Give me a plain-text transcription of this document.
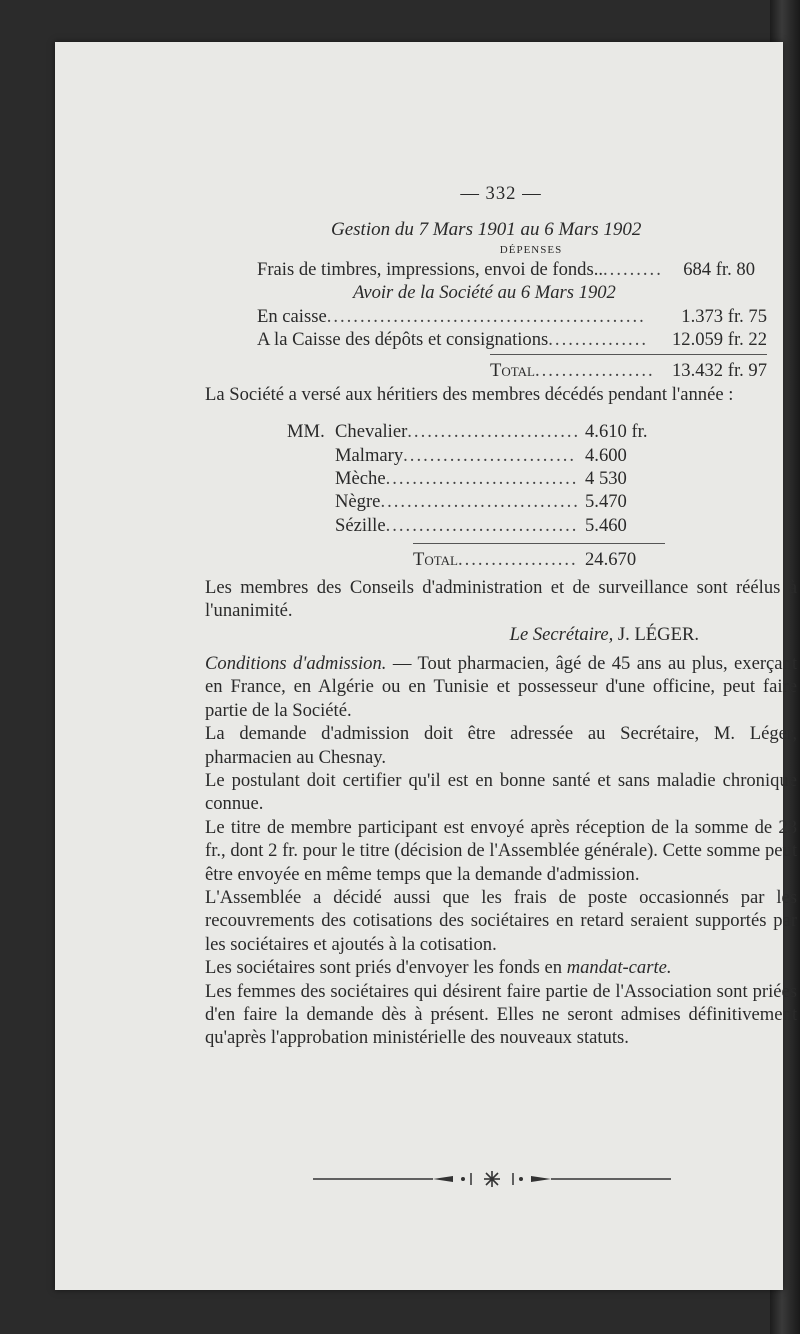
— 332 —
Gestion du 7 Mars 1901 au 6 Mars 1902
DÉPENSES
Frais de timbres, impressions, envoi de fonds.. .....	684 fr. 80
Avoir de la Société au 6 Mars 1902
En caisse .....	1.373 fr. 75
A la Caisse des dépôts et consignations .....	12.059 fr. 22
Total .....	13.432 fr. 97

La Société a versé aux héritiers des membres décédés pendant l'année :

MM. Chevalier .....	4.610 fr.
Malmary .....	4.600
Mèche .....	4 530
Nègre .....	5.470
Sézille .....	5.460
Total .....	24.670

Les membres des Conseils d'administration et de surveillance sont réélus à l'unanimité.

Le Secrétaire, J. LÉGER.

Conditions d'admission. — Tout pharmacien, âgé de 45 ans au plus, exerçant en France, en Algérie ou en Tunisie et possesseur d'une officine, peut faire partie de la Société.

La demande d'admission doit être adressée au Secrétaire, M. Léger, pharmacien au Chesnay.

Le postulant doit certifier qu'il est en bonne santé et sans maladie chronique connue.

Le titre de membre participant est envoyé après réception de la somme de 23 fr., dont 2 fr. pour le titre (décision de l'Assemblée générale). Cette somme peut être envoyée en même temps que la demande d'admission.

L'Assemblée a décidé aussi que les frais de poste occasionnés par les recouvrements des cotisations des sociétaires en retard seraient supportés par les sociétaires et ajoutés à la cotisation.

Les sociétaires sont priés d'envoyer les fonds en mandat-carte.

Les femmes des sociétaires qui désirent faire partie de l'Association sont priées d'en faire la demande dès à présent. Elles ne seront admises définitivement qu'après l'approbation ministérielle des nouveaux statuts.
